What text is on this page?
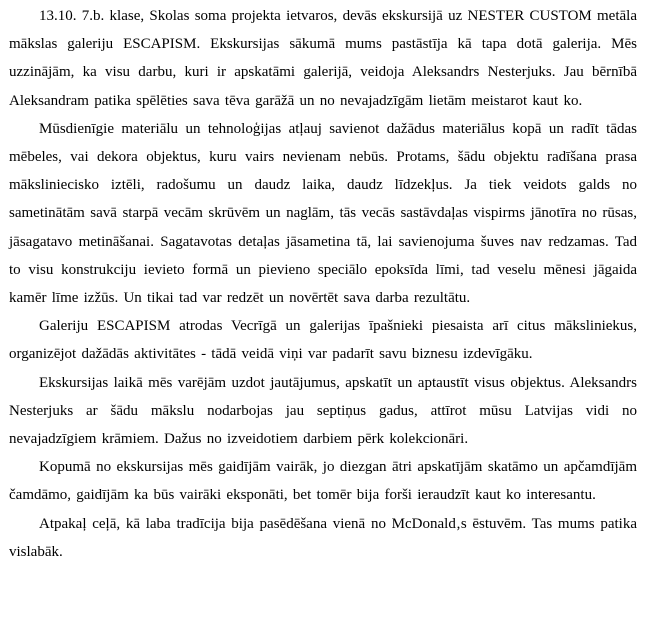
13.10. 7.b. klase, Skolas soma projekta ietvaros, devās ekskursijā uz NESTER CUSTOM metāla mākslas galeriju ESCAPISM. Ekskursijas sākumā mums pastāstīja kā tapa dotā galerija. Mēs uzzinājām, ka visu darbu, kuri ir apskatāmi galerijā, veidoja Aleksandrs Nesterjuks. Jau bērnībā Aleksandram patika spēlēties sava tēva garāžā un no nevajadzīgām lietām meistarot kaut ko.

Mūsdienīgie materiālu un tehnoloģijas atļauj savienot dažādus materiālus kopā un radīt tādas mēbeles, vai dekora objektus, kuru vairs nevienam nebūs. Protams, šādu objektu radīšana prasa māksliniecisko iztēli, radošumu un daudz laika, daudz līdzekļus. Ja tiek veidots galds no sametinātām savā starpā vecām skrūvēm un naglām, tās vecās sastāvdaļas vispirms jānotīra no rūsas, jāsagatavo metināšanai. Sagatavotas detaļas jāsametina tā, lai savienojuma šuves nav redzamas. Tad to visu konstrukciju ievieto formā un pievieno speciālo epoksīda līmi, tad veselu mēnesi jāgaida kamēr līme izžūs. Un tikai tad var redzēt un novērtēt sava darba rezultātu.

Galeriju ESCAPISM atrodas Vecrīgā un galerijas īpašnieki piesaista arī citus māksliniekus, organizējot dažādās aktivitātes - tādā veidā viņi var padarīt savu biznesu izdevīgāku.

Ekskursijas laikā mēs varējām uzdot jautājumus, apskatīt un aptaustīt visus objektus. Aleksandrs Nesterjuks ar šādu mākslu nodarbojas jau septiņus gadus, attīrot mūsu Latvijas vidi no nevajadzīgiem krāmiem. Dažus no izveidotiem darbiem pērk kolekcionāri.

Kopumā no ekskursijas mēs gaidījām vairāk, jo diezgan ātri apskatījām skatāmo un apčamdījām čamdāmo, gaidījām ka būs vairāki eksponāti, bet tomēr bija forši ieraudzīt kaut ko interesantu.

Atpakaļ ceļā, kā laba tradīcija bija pasēdēšana vienā no McDonald‚s ēstuvēm. Tas mums patika vislabāk.
